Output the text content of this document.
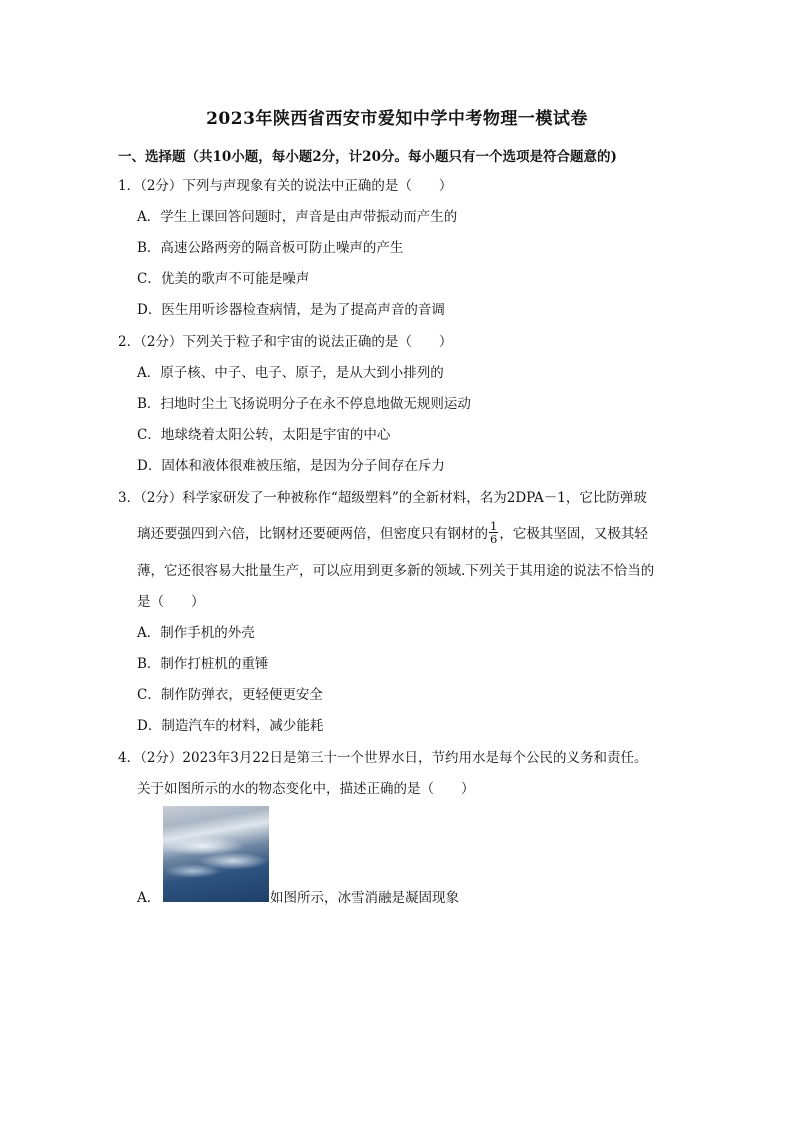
2023年陕西省西安市爱知中学中考物理一模试卷
一、选择题（共10小题，每小题2分，计20分。每小题只有一个选项是符合题意的)
1．（2分）下列与声现象有关的说法中正确的是（　　）
A．学生上课回答问题时，声音是由声带振动而产生的
B．高速公路两旁的隔音板可防止噪声的产生
C．优美的歌声不可能是噪声
D．医生用听诊器检查病情，是为了提高声音的音调
2．（2分）下列关于粒子和宇宙的说法正确的是（　　）
A．原子核、中子、电子、原子，是从大到小排列的
B．扫地时尘土飞扬说明分子在永不停息地做无规则运动
C．地球绕着太阳公转，太阳是宇宙的中心
D．固体和液体很难被压缩，是因为分子间存在斥力
3．（2分）科学家研发了一种被称作“超级塑料”的全新材料，名为2DPA－1，它比防弹玻
璃还要强四到六倍，比钢材还要硬两倍，但密度只有钢材的 $\frac{1}{6}$ ，它极其坚固，又极其轻
薄，它还很容易大批量生产，可以应用到更多新的领域.下列关于其用途的说法不恰当的
是（　　）
A．制作手机的外壳
B．制作打桩机的重锤
C．制作防弹衣，更轻便更安全
D．制造汽车的材料，减少能耗
4．（2分）2023年3月22日是第三十一个世界水日，节约用水是每个公民的义务和责任。
关于如图所示的水的物态变化中，描述正确的是（　　）
A．	如图所示，冰雪消融是凝固现象
